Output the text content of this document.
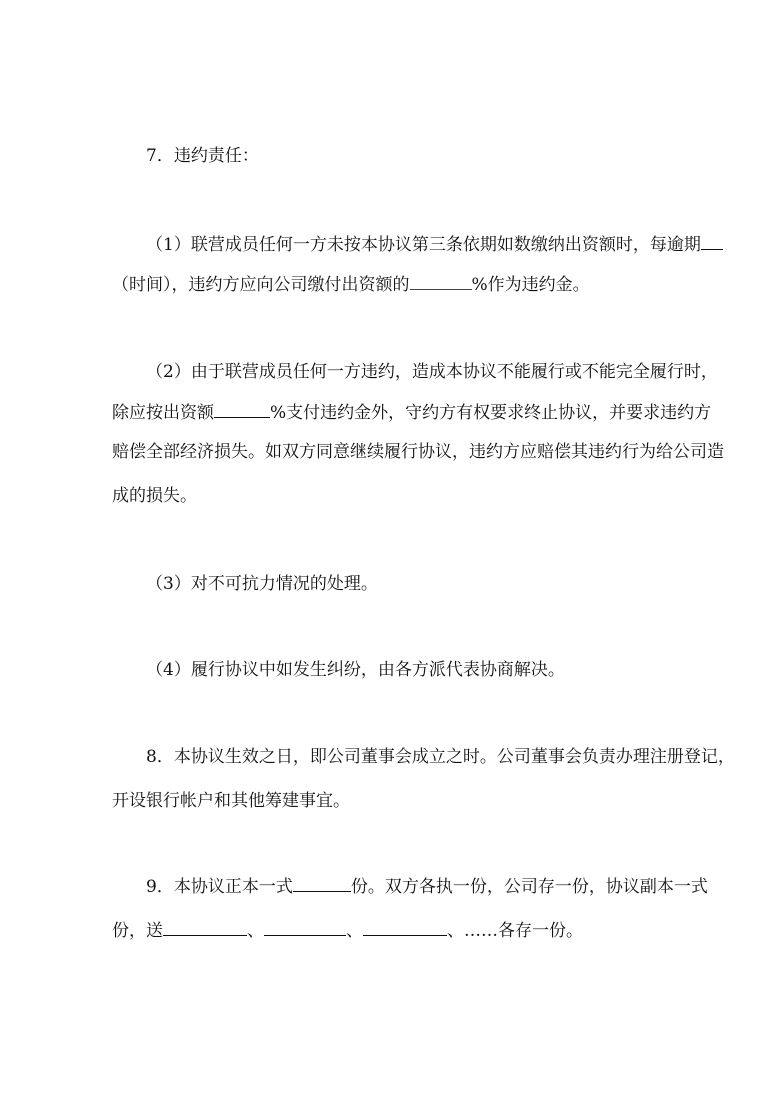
7．违约责任：
（1）联营成员任何一方未按本协议第三条依期如数缴纳出资额时，每逾期
（时间），违约方应向公司缴付出资额的	%作为违约金。
（2）由于联营成员任何一方违约，造成本协议不能履行或不能完全履行时，
除应按出资额	%支付违约金外，守约方有权要求终止协议，并要求违约方
赔偿全部经济损失。如双方同意继续履行协议，违约方应赔偿其违约行为给公司造
成的损失。
（3）对不可抗力情况的处理。
（4）履行协议中如发生纠纷，由各方派代表协商解决。
8．本协议生效之日，即公司董事会成立之时。公司董事会负责办理注册登记，
开设银行帐户和其他筹建事宜。
9．本协议正本一式	份。双方各执一份，公司存一份，协议副本一式
份，送	、	、	、……各存一份。
